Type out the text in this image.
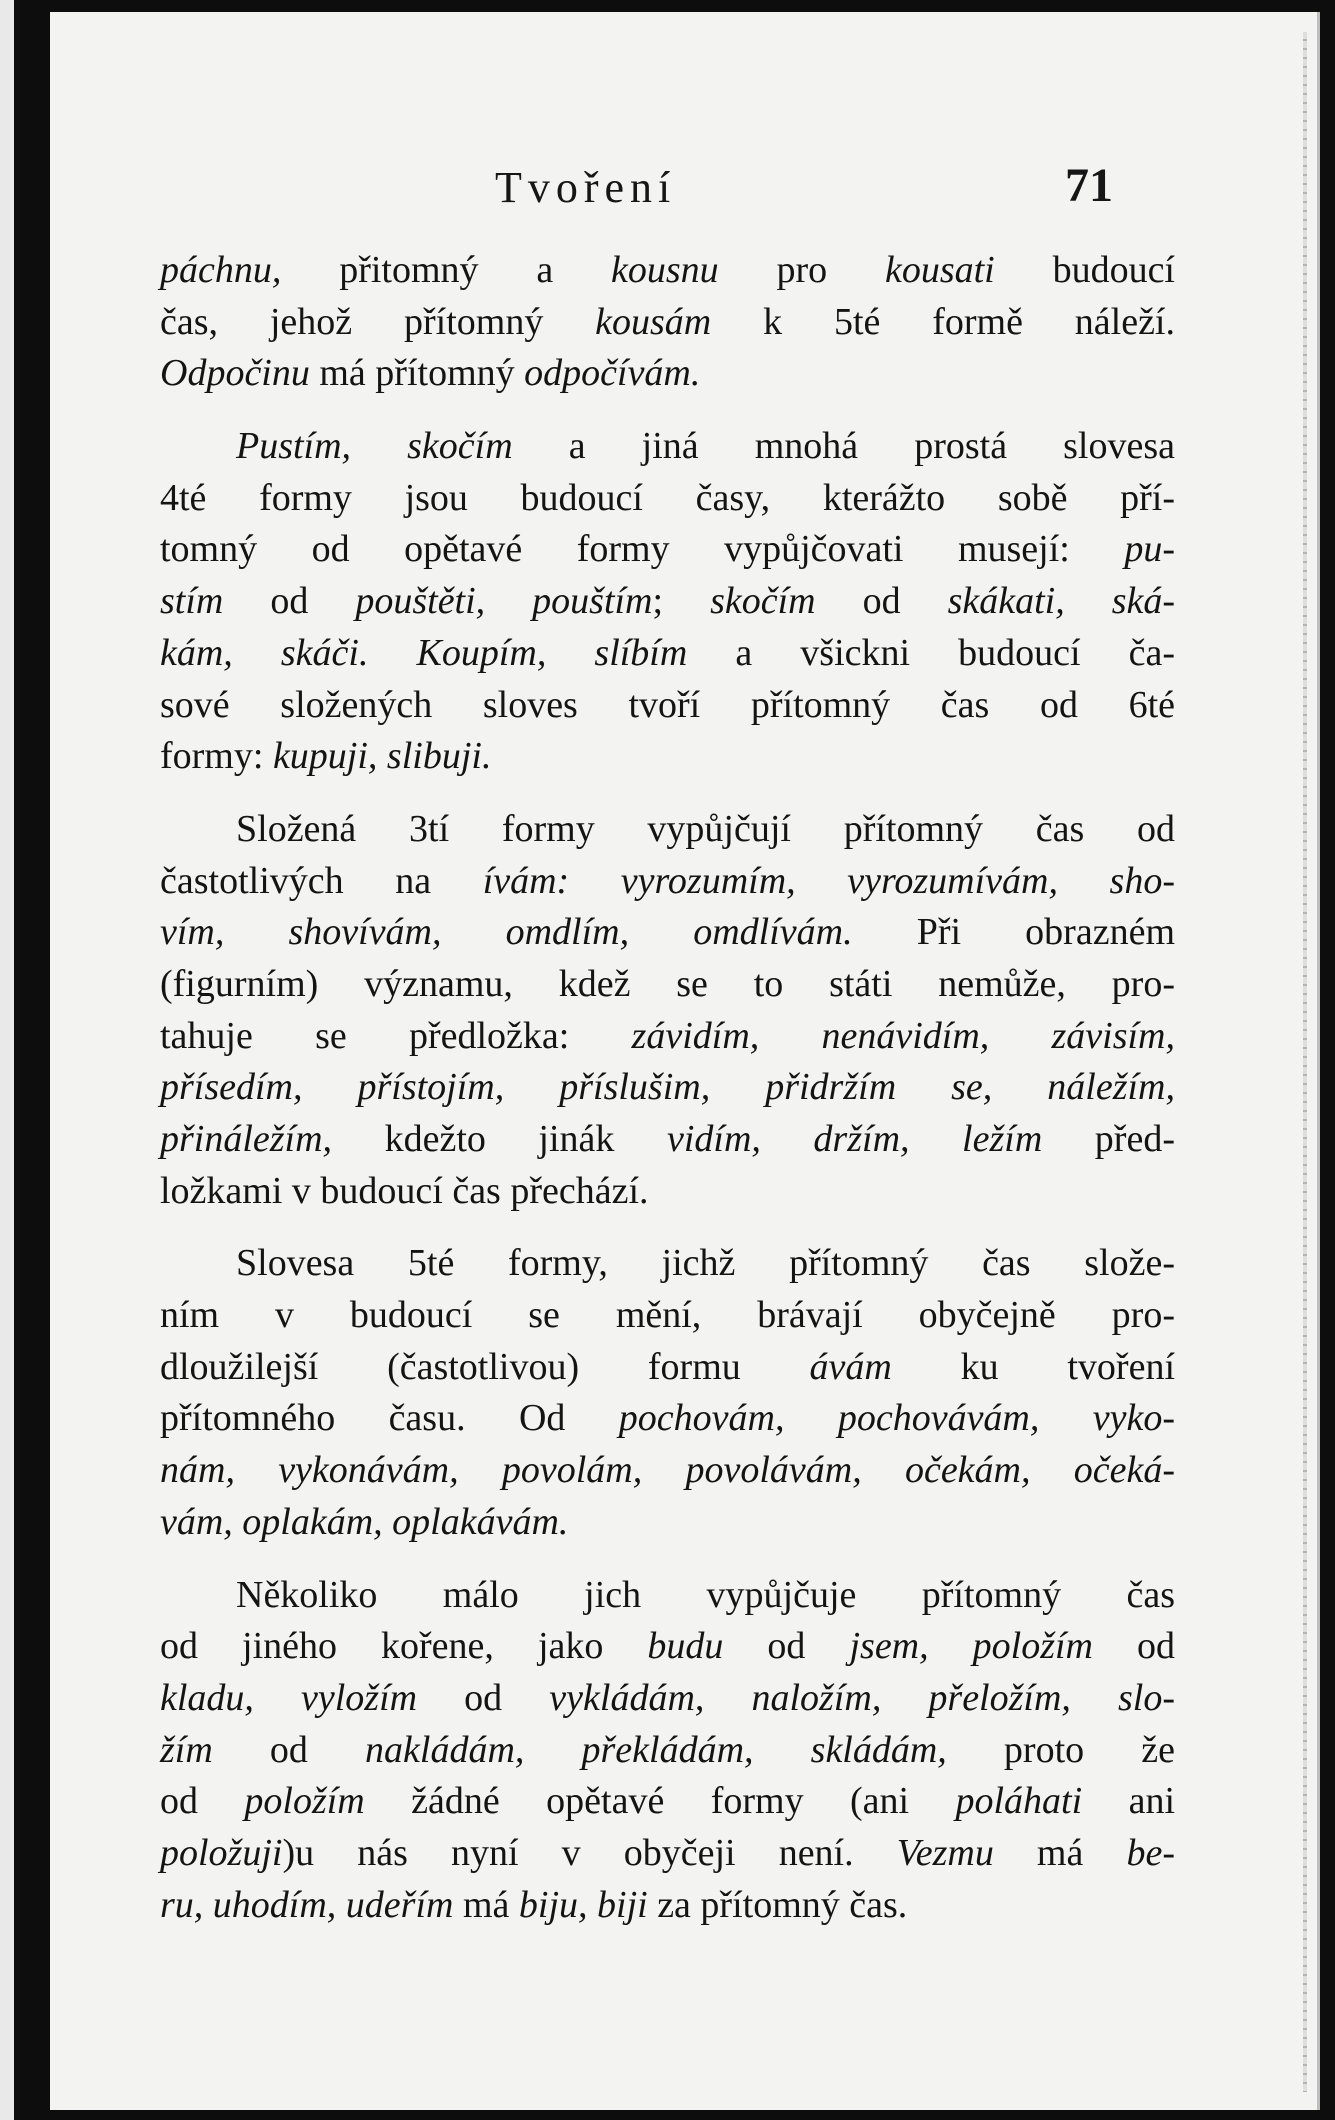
Tvoření	71
páchnu, přitomný a kousnu pro kousati budoucí
čas, jehož přítomný kousám k 5té formě náleží.
Odpočinu má přítomný odpočívám.
Pustím, skočím a jiná mnohá prostá slovesa
4té formy jsou budoucí časy, kterážto sobě pří-
tomný od opětavé formy vypůjčovati musejí: pu-
stím od pouštěti, pouštím; skočím od skákati, ská-
kám, skáči. Koupím, slíbím a všickni budoucí ča-
sové složených sloves tvoří přítomný čas od 6té
formy: kupuji, slibuji.
Složená 3tí formy vypůjčují přítomný čas od
častotlivých na ívám: vyrozumím, vyrozumívám, sho-
vím, shovívám, omdlím, omdlívám. Při obrazném
(figurním) významu, kdež se to státi nemůže, pro-
tahuje se předložka: závidím, nenávidím, závisím,
přísedím, přístojím, příslušim, přidržím se, náležím,
přináležím, kdežto jinák vidím, držím, ležím před-
ložkami v budoucí čas přechází.
Slovesa 5té formy, jichž přítomný čas slože-
ním v budoucí se mění, brávají obyčejně pro-
dloužilejší (častotlivou) formu ávám ku tvoření
přítomného času. Od pochovám, pochovávám, vyko-
nám, vykonávám, povolám, povolávám, očekám, očeká-
vám, oplakám, oplakávám.
Několiko málo jich vypůjčuje přítomný čas
od jiného kořene, jako budu od jsem, položím od
kladu, vyložím od vykládám, naložím, přeložím, slo-
žím od nakládám, překládám, skládám, proto že
od položím žádné opětavé formy (ani poláhati ani
položuji)u nás nyní v obyčeji není. Vezmu má be-
ru, uhodím, udeřím má biju, biji za přítomný čas.
